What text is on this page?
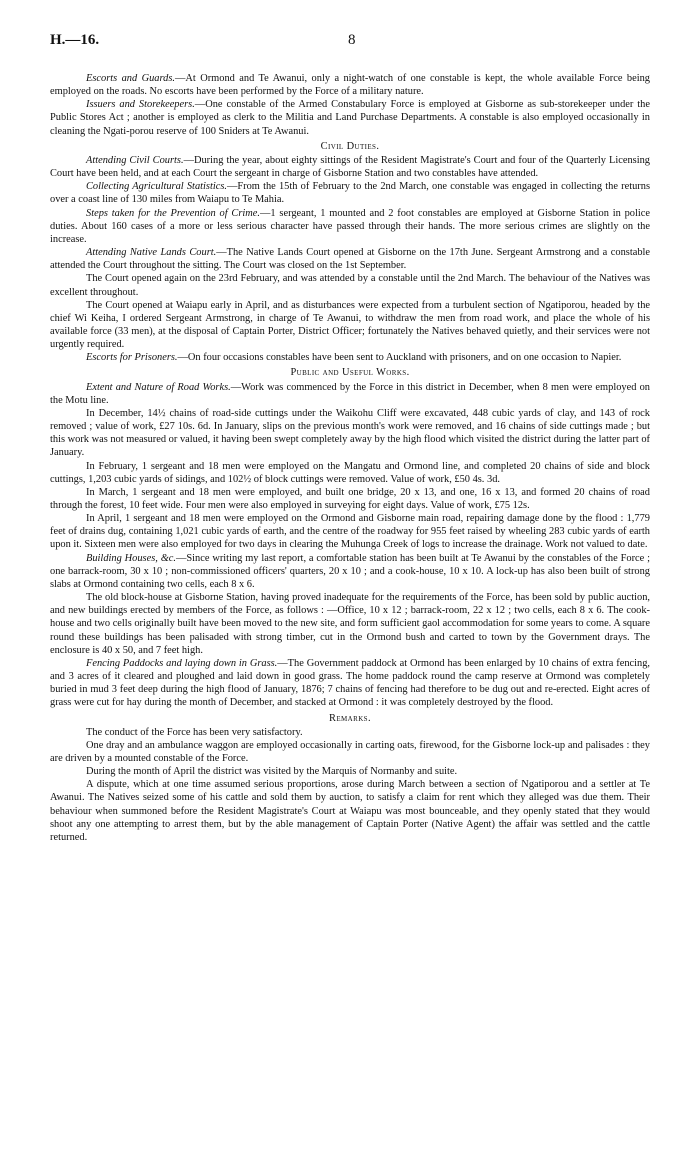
H.—16.	8

Escorts and Guards.—At Ormond and Te Awanui, only a night-watch of one constable is kept, the whole available Force being employed on the roads. No escorts have been performed by the Force of a military nature.

Issuers and Storekeepers.—One constable of the Armed Constabulary Force is employed at Gisborne as sub-storekeeper under the Public Stores Act ; another is employed as clerk to the Militia and Land Purchase Departments. A constable is also employed occasionally in cleaning the Ngati-porou reserve of 100 Sniders at Te Awanui.

Civil Duties.

Attending Civil Courts.—During the year, about eighty sittings of the Resident Magistrate's Court and four of the Quarterly Licensing Court have been held, and at each Court the sergeant in charge of Gisborne Station and two constables have attended.

Collecting Agricultural Statistics.—From the 15th of February to the 2nd March, one constable was engaged in collecting the returns over a coast line of 130 miles from Waiapu to Te Mahia.

Steps taken for the Prevention of Crime.—1 sergeant, 1 mounted and 2 foot constables are employed at Gisborne Station in police duties. About 160 cases of a more or less serious character have passed through their hands. The more serious crimes are slightly on the increase.

Attending Native Lands Court.—The Native Lands Court opened at Gisborne on the 17th June. Sergeant Armstrong and a constable attended the Court throughout the sitting. The Court was closed on the 1st September.

The Court opened again on the 23rd February, and was attended by a constable until the 2nd March. The behaviour of the Natives was excellent throughout.

The Court opened at Waiapu early in April, and as disturbances were expected from a turbulent section of Ngatiporou, headed by the chief Wi Keiha, I ordered Sergeant Armstrong, in charge of Te Awanui, to withdraw the men from road work, and place the whole of his available force (33 men), at the disposal of Captain Porter, District Officer; fortunately the Natives behaved quietly, and their services were not urgently required.

Escorts for Prisoners.—On four occasions constables have been sent to Auckland with prisoners, and on one occasion to Napier.

Public and Useful Works.

Extent and Nature of Road Works.—Work was commenced by the Force in this district in December, when 8 men were employed on the Motu line.

In December, 14½ chains of road-side cuttings under the Waikohu Cliff were excavated, 448 cubic yards of clay, and 143 of rock removed ; value of work, £27 10s. 6d. In January, slips on the previous month's work were removed, and 16 chains of side cuttings made ; but this work was not measured or valued, it having been swept completely away by the high flood which visited the district during the latter part of January.

In February, 1 sergeant and 18 men were employed on the Mangatu and Ormond line, and completed 20 chains of side and block cuttings, 1,203 cubic yards of sidings, and 102½ of block cuttings were removed. Value of work, £50 4s. 3d.

In March, 1 sergeant and 18 men were employed, and built one bridge, 20 x 13, and one, 16 x 13, and formed 20 chains of road through the forest, 10 feet wide. Four men were also employed in surveying for eight days. Value of work, £75 12s.

In April, 1 sergeant and 18 men were employed on the Ormond and Gisborne main road, repairing damage done by the flood : 1,779 feet of drains dug, containing 1,021 cubic yards of earth, and the centre of the roadway for 955 feet raised by wheeling 283 cubic yards of earth upon it. Sixteen men were also employed for two days in clearing the Muhunga Creek of logs to increase the drainage. Work not valued to date.

Building Houses, &c.—Since writing my last report, a comfortable station has been built at Te Awanui by the constables of the Force ; one barrack-room, 30 x 10 ; non-commissioned officers' quarters, 20 x 10 ; and a cook-house, 10 x 10. A lock-up has also been built of strong slabs at Ormond containing two cells, each 8 x 6.

The old block-house at Gisborne Station, having proved inadequate for the requirements of the Force, has been sold by public auction, and new buildings erected by members of the Force, as follows : —Office, 10 x 12 ; barrack-room, 22 x 12 ; two cells, each 8 x 6. The cook-house and two cells originally built have been moved to the new site, and form sufficient gaol accommodation for some years to come. A square round these buildings has been palisaded with strong timber, cut in the Ormond bush and carted to town by the Government drays. The enclosure is 40 x 50, and 7 feet high.

Fencing Paddocks and laying down in Grass.—The Government paddock at Ormond has been enlarged by 10 chains of extra fencing, and 3 acres of it cleared and ploughed and laid down in good grass. The home paddock round the camp reserve at Ormond was completely buried in mud 3 feet deep during the high flood of January, 1876; 7 chains of fencing had therefore to be dug out and re-erected. Eight acres of grass were cut for hay during the month of December, and stacked at Ormond : it was completely destroyed by the flood.

Remarks.

The conduct of the Force has been very satisfactory.

One dray and an ambulance waggon are employed occasionally in carting oats, firewood, for the Gisborne lock-up and palisades : they are driven by a mounted constable of the Force.

During the month of April the district was visited by the Marquis of Normanby and suite.

A dispute, which at one time assumed serious proportions, arose during March between a section of Ngatiporou and a settler at Te Awanui. The Natives seized some of his cattle and sold them by auction, to satisfy a claim for rent which they alleged was due them. Their behaviour when summoned before the Resident Magistrate's Court at Waiapu was most bounceable, and they openly stated that they would shoot any one attempting to arrest them, but by the able management of Captain Porter (Native Agent) the affair was settled and the cattle returned.
